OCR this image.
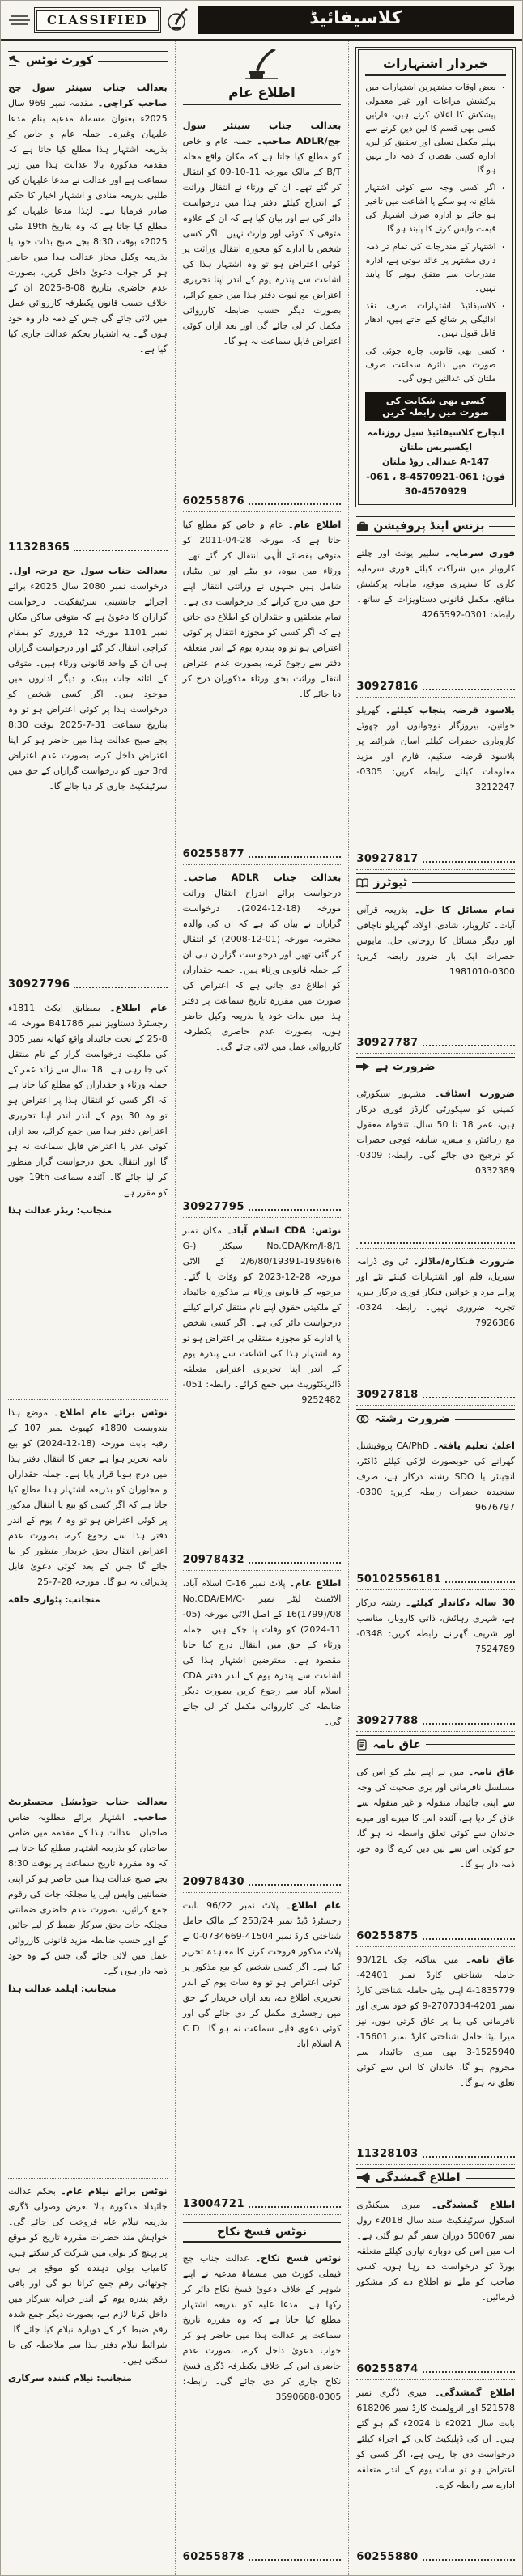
CLASSIFIED	کلاسیفائیڈ
کورٹ نوٹس

بعدالت جناب سینئر سول جج صاحب کراچی۔ مقدمہ نمبر 969 سال 2025ء بعنوان مسماۃ مدعیہ بنام مدعا علیہان وغیرہ۔ جملہ عام و خاص کو بذریعہ اشتہار ہذا مطلع کیا جاتا ہے کہ مقدمہ مذکورہ بالا عدالت ہذا میں زیر سماعت ہے اور عدالت نے مدعا علیہان کی طلبی بذریعہ منادی و اشتہار اخبار کا حکم صادر فرمایا ہے۔ لہٰذا مدعا علیہان کو مطلع کیا جاتا ہے کہ وہ بتاریخ 19th مئی 2025ء بوقت 8:30 بجے صبح بذات خود یا بذریعہ وکیل مجاز عدالت ہذا میں حاضر ہو کر جواب دعویٰ داخل کریں، بصورت عدم حاضری بتاریخ 08-8-2025 ان کے خلاف حسب قانون یکطرفہ کارروائی عمل میں لائی جائے گی جس کے ذمہ دار وہ خود ہوں گے۔ یہ اشتہار بحکم عدالت جاری کیا گیا ہے۔

11328365

بعدالت جناب سول جج درجہ اول۔ درخواست نمبر 2080 سال 2025ء برائے اجرائے جانشینی سرٹیفکیٹ۔ درخواست گزاران کا دعویٰ ہے کہ متوفی ساکن مکان نمبر 1101 مورخہ 12 فروری کو بمقام کراچی انتقال کر گئے اور درخواست گزاران ہی ان کے واحد قانونی ورثاء ہیں۔ متوفی کے اثاثہ جات بینک و دیگر اداروں میں موجود ہیں۔ اگر کسی شخص کو درخواست ہذا پر کوئی اعتراض ہو تو وہ بتاریخ سماعت 31-7-2025 بوقت 8:30 بجے صبح عدالت ہذا میں حاضر ہو کر اپنا اعتراض داخل کرے، بصورت عدم اعتراض 3rd جون کو درخواست گزاران کے حق میں سرٹیفکیٹ جاری کر دیا جائے گا۔

30927796

عام اطلاع۔ بمطابق ایکٹ 1811ء رجسٹرڈ دستاویز نمبر B41786 مورخہ 4-8-25 کے تحت جائیداد واقع کھاتہ نمبر 305 کی ملکیت درخواست گزار کے نام منتقل کی جا رہی ہے۔ 18 سال سے زائد عمر کے جملہ ورثاء و حقداران کو مطلع کیا جاتا ہے کہ اگر کسی کو انتقال ہذا پر اعتراض ہو تو وہ 30 یوم کے اندر اندر اپنا تحریری اعتراض دفتر ہذا میں جمع کرائے، بعد ازاں کوئی عذر یا اعتراض قابل سماعت نہ ہو گا اور انتقال بحق درخواست گزار منظور کر لیا جائے گا۔ آئندہ سماعت 19th جون کو مقرر ہے۔

منجانب: ریڈر عدالت ہذا

نوٹس برائے عام اطلاع۔ موضع ہذا بندوبست 1890ء کھیوٹ نمبر 107 کے رقبہ بابت مورخہ (18-12-2024) کو بیع نامہ تحریر ہوا ہے جس کا انتقال دفتر ہذا میں درج ہونا قرار پایا ہے۔ جملہ حقداران و مجاوران کو بذریعہ اشتہار ہذا مطلع کیا جاتا ہے کہ اگر کسی کو بیع یا انتقال مذکور پر کوئی اعتراض ہو تو وہ 7 یوم کے اندر دفتر ہذا سے رجوع کرے، بصورت عدم اعتراض انتقال بحق خریدار منظور کر لیا جائے گا جس کے بعد کوئی دعویٰ قابل پذیرائی نہ ہو گا۔ مورخہ 28-7-25

منجانب: پٹواری حلقہ

بعدالت جناب جوڈیشل مجسٹریٹ صاحب۔ اشتہار برائے مطلوبہ ضامن صاحبان۔ عدالت ہذا کے مقدمہ میں ضامن صاحبان کو بذریعہ اشتہار مطلع کیا جاتا ہے کہ وہ مقررہ تاریخ سماعت پر بوقت 8:30 بجے صبح عدالت ہذا میں حاضر ہو کر اپنی ضمانتیں واپس لیں یا مچلکہ جات کی رقوم جمع کرائیں، بصورت عدم حاضری ضمانتی مچلکہ جات بحق سرکار ضبط کر لیے جائیں گے اور حسب ضابطہ مزید قانونی کارروائی عمل میں لائی جائے گی جس کے وہ خود ذمہ دار ہوں گے۔

منجانب: اہلمد عدالت ہذا

نوٹس برائے نیلام عام۔ بحکم عدالت جائیداد مذکورہ بالا بغرض وصولی ڈگری بذریعہ نیلام عام فروخت کی جائے گی۔ خواہش مند حضرات مقررہ تاریخ کو موقع پر پہنچ کر بولی میں شرکت کر سکتے ہیں، کامیاب بولی دہندہ کو موقع پر ہی چوتھائی رقم جمع کرانا ہو گی اور باقی رقم پندرہ یوم کے اندر خزانہ سرکار میں داخل کرنا لازم ہے، بصورت دیگر جمع شدہ رقم ضبط کر کے دوبارہ نیلام کیا جائے گا۔ شرائط نیلام دفتر ہذا سے ملاحظہ کی جا سکتی ہیں۔

منجانب: نیلام کنندہ سرکاری

اطلاع عام

بعدالت جناب سینئر سول جج/ADLR صاحب۔ جملہ عام و خاص کو مطلع کیا جاتا ہے کہ مکان واقع محلہ B/T کے مالک مورخہ 11-10-09 کو انتقال کر گئے تھے۔ ان کے ورثاء نے انتقال وراثت کے اندراج کیلئے دفتر ہذا میں درخواست دائر کی ہے اور بیان کیا ہے کہ ان کے علاوہ متوفی کا کوئی اور وارث نہیں۔ اگر کسی شخص یا ادارے کو مجوزہ انتقال وراثت پر کوئی اعتراض ہو تو وہ اشتہار ہذا کی اشاعت سے پندرہ یوم کے اندر اپنا تحریری اعتراض مع ثبوت دفتر ہذا میں جمع کرائے، بصورت دیگر حسب ضابطہ کارروائی مکمل کر لی جائے گی اور بعد ازاں کوئی اعتراض قابل سماعت نہ ہو گا۔

60255876

اطلاع عام۔ عام و خاص کو مطلع کیا جاتا ہے کہ مورخہ 28-04-2011 کو متوفی بقضائے الٰہی انتقال کر گئے تھے۔ ورثاء میں بیوہ، دو بیٹے اور تین بیٹیاں شامل ہیں جنہوں نے وراثتی انتقال اپنے حق میں درج کرانے کی درخواست دی ہے۔ تمام متعلقین و حقداران کو اطلاع دی جاتی ہے کہ اگر کسی کو مجوزہ انتقال پر کوئی اعتراض ہو تو وہ پندرہ یوم کے اندر متعلقہ دفتر سے رجوع کرے، بصورت عدم اعتراض انتقال وراثت بحق ورثاء مذکوران درج کر دیا جائے گا۔

60255877

بعدالت جناب ADLR صاحب۔ درخواست برائے اندراج انتقال وراثت مورخہ (18-12-2024)۔ درخواست گزاران نے بیان کیا ہے کہ ان کی والدہ محترمہ مورخہ (01-12-2008) کو انتقال کر گئی تھیں اور درخواست گزاران ہی ان کے جملہ قانونی ورثاء ہیں۔ جملہ حقداران کو اطلاع دی جاتی ہے کہ اعتراض کی صورت میں مقررہ تاریخ سماعت پر دفتر ہذا میں بذات خود یا بذریعہ وکیل حاضر ہوں، بصورت عدم حاضری یکطرفہ کارروائی عمل میں لائی جائے گی۔

30927795

نوٹس: CDA اسلام آباد۔ مکان نمبر No.CDA/Km/I-8/1 سیکٹر (G-6)2/6/80/19391-19396 کے الاٹی مورخہ 28-12-2023 کو وفات پا گئے۔ مرحوم کے قانونی ورثاء نے مذکورہ جائیداد کے ملکیتی حقوق اپنے نام منتقل کرانے کیلئے درخواست دائر کی ہے۔ اگر کسی شخص یا ادارے کو مجوزہ منتقلی پر اعتراض ہو تو وہ اشتہار ہذا کی اشاعت سے پندرہ یوم کے اندر اپنا تحریری اعتراض متعلقہ ڈائریکٹوریٹ میں جمع کرائے۔ رابطہ: 051-9252482

20978432

اطلاع عام۔ پلاٹ نمبر C-16 اسلام آباد، الاٹمنٹ لیٹر نمبر No.CDA/EM/C-16(1799)/08 کے اصل الاٹی مورخہ (05-11-2024) کو وفات پا چکے ہیں۔ جملہ ورثاء کے حق میں انتقال درج کیا جانا مقصود ہے۔ معترضین اشتہار ہذا کی اشاعت سے پندرہ یوم کے اندر دفتر CDA اسلام آباد سے رجوع کریں بصورت دیگر ضابطہ کی کارروائی مکمل کر لی جائے گی۔

20978430

عام اطلاع۔ پلاٹ نمبر 96/22 بابت رجسٹرڈ ڈیڈ نمبر 253/24 کے مالک حامل شناختی کارڈ نمبر 41504-0734669-0 نے پلاٹ مذکور فروخت کرنے کا معاہدہ تحریر کیا ہے۔ اگر کسی شخص کو بیع مذکور پر کوئی اعتراض ہو تو وہ سات یوم کے اندر تحریری اطلاع دے، بعد ازاں خریدار کے حق میں رجسٹری مکمل کر دی جائے گی اور کوئی دعویٰ قابل سماعت نہ ہو گا۔ C D A اسلام آباد

13004721
نوٹس فسخ نکاح

نوٹس فسخ نکاح۔ عدالت جناب جج فیملی کورٹ میں مسماۃ مدعیہ نے اپنے شوہر کے خلاف دعویٰ فسخ نکاح دائر کر رکھا ہے۔ مدعا علیہ کو بذریعہ اشتہار مطلع کیا جاتا ہے کہ وہ مقررہ تاریخ سماعت پر عدالت ہذا میں حاضر ہو کر جواب دعویٰ داخل کرے، بصورت عدم حاضری اس کے خلاف یکطرفہ ڈگری فسخ نکاح جاری کر دی جائے گی۔ رابطہ: 0305-3590688

60255878
خبردار اشتہارات
۰
بعض اوقات مشتہرین اشتہارات میں پرکشش مراعات اور غیر معمولی پیشکش کا اعلان کرتے ہیں، قارئین کسی بھی قسم کا لین دین کرنے سے پہلے مکمل تسلی اور تحقیق کر لیں، ادارہ کسی نقصان کا ذمہ دار نہیں ہو گا۔
۰
اگر کسی وجہ سے کوئی اشتہار شائع نہ ہو سکے یا اشاعت میں تاخیر ہو جائے تو ادارہ صرف اشتہار کی قیمت واپس کرنے کا پابند ہو گا۔
۰
اشتہار کے مندرجات کی تمام تر ذمہ داری مشتہر پر عائد ہوتی ہے، ادارہ مندرجات سے متفق ہونے کا پابند نہیں۔
۰
کلاسیفائیڈ اشتہارات صرف نقد ادائیگی پر شائع کیے جاتے ہیں، ادھار قابل قبول نہیں۔
۰
کسی بھی قانونی چارہ جوئی کی صورت میں دائرہ سماعت صرف ملتان کی عدالتیں ہوں گی۔
کسی بھی شکایت کی صورت میں رابطہ کریں
انچارج کلاسیفائیڈ سیل روزنامہ ایکسپریس ملتان
147-A عبدالی روڈ ملتان
فون: 061-4570921-8 ، 061-4570929-30
بزنس اینڈ پروفیشن

فوری سرمایہ۔ سلیپر یونٹ اور چلتے کاروبار میں شراکت کیلئے فوری سرمایہ کاری کا سنہری موقع، ماہانہ پرکشش منافع، مکمل قانونی دستاویزات کے ساتھ۔ رابطہ: 0301-4265592

30927816

بلاسود قرضہ پنجاب کیلئے۔ گھریلو خواتین، بیروزگار نوجوانوں اور چھوٹے کاروباری حضرات کیلئے آسان شرائط پر بلاسود قرضہ سکیم، فارم اور مزید معلومات کیلئے رابطہ کریں: 0305-3212247

30927817
ٹیوٹرز

تمام مسائل کا حل۔ بذریعہ قرآنی آیات۔ کاروبار، شادی، اولاد، گھریلو ناچاقی اور دیگر مسائل کا روحانی حل، مایوس حضرات ایک بار ضرور رابطہ کریں: 0300-1981010

30927787
ضرورت ہے

ضرورت اسٹاف۔ مشہور سیکورٹی کمپنی کو سیکورٹی گارڈز فوری درکار ہیں، عمر 18 تا 50 سال، تنخواہ معقول مع رہائش و میس، سابقہ فوجی حضرات کو ترجیح دی جائے گی۔ رابطہ: 0309-0332389

ضرورت فنکارہ/ماڈلز۔ ٹی وی ڈرامہ سیریل، فلم اور اشتہارات کیلئے نئے اور پرانے مرد و خواتین فنکار فوری درکار ہیں، تجربہ ضروری نہیں۔ رابطہ: 0324-7926386

30927818
ضرورت رشتہ

اعلیٰ تعلیم یافتہ۔ CA/PhD پروفیشنل گھرانے کی خوبصورت لڑکی کیلئے ڈاکٹر، انجینئر یا SDO رشتہ درکار ہے، صرف سنجیدہ حضرات رابطہ کریں: 0300-9676797

50102556181

30 سالہ دکاندار کیلئے۔ رشتہ درکار ہے، شہری رہائش، ذاتی کاروبار، مناسب اور شریف گھرانے رابطہ کریں: 0348-7524789

30927788
عاق نامہ

عاق نامہ۔ میں نے اپنے بیٹے کو اس کی مسلسل نافرمانی اور بری صحبت کی وجہ سے اپنی جائیداد منقولہ و غیر منقولہ سے عاق کر دیا ہے، آئندہ اس کا میرے اور میرے خاندان سے کوئی تعلق واسطہ نہ ہو گا، جو کوئی اس سے لین دین کرے گا وہ خود ذمہ دار ہو گا۔

60255875

عاق نامہ۔ میں ساکنہ چک 93/12L حاملہ شناختی کارڈ نمبر 42401-1835779-4 اپنی بیٹی حاملہ شناختی کارڈ نمبر 4201-2707334-9 کو خود سری اور نافرمانی کی بنا پر عاق کرتی ہوں، نیز میرا بیٹا حامل شناختی کارڈ نمبر 15601-1525940-3 بھی میری جائیداد سے محروم ہو گا، خاندان کا اس سے کوئی تعلق نہ ہو گا۔

11328103
اطلاع گمشدگی

اطلاع گمشدگی۔ میری سیکنڈری اسکول سرٹیفکیٹ سند سال 2018ء رول نمبر 50067 دوران سفر گم ہو گئی ہے۔ اب میں اس کی دوبارہ تیاری کیلئے متعلقہ بورڈ کو درخواست دے رہا ہوں، کسی صاحب کو ملے تو اطلاع دے کر مشکور فرمائیں۔

60255874

اطلاع گمشدگی۔ میری ڈگری نمبر 521578 اور انرولمنٹ کارڈ نمبر 618206 بابت سال 2021ء تا 2024ء گم ہو گئے ہیں۔ ان کی ڈپلیکیٹ کاپی کے اجراء کیلئے درخواست دی جا رہی ہے، اگر کسی کو اعتراض ہو تو سات یوم کے اندر متعلقہ ادارے سے رابطہ کرے۔

60255880
